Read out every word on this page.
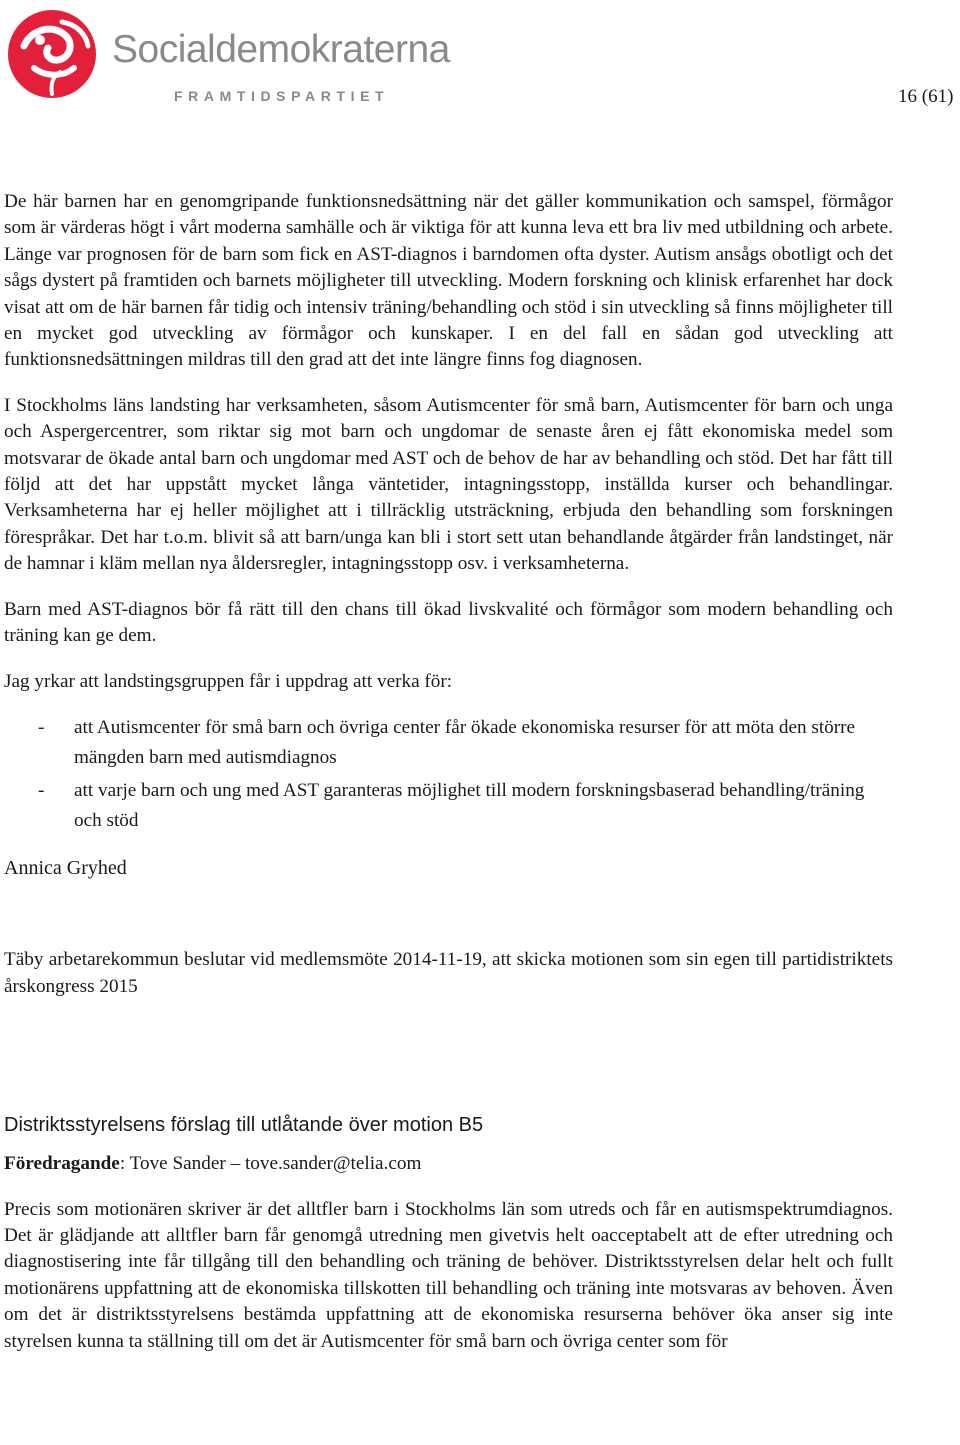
Socialdemokraterna
FRAMTIDSPARTIET	16 (61)

De här barnen har en genomgripande funktionsnedsättning när det gäller kommunikation och samspel, förmågor som är värderas högt i vårt moderna samhälle och är viktiga för att kunna leva ett bra liv med utbildning och arbete. Länge var prognosen för de barn som fick en AST-diagnos i barndomen ofta dyster. Autism ansågs obotligt och det sågs dystert på framtiden och barnets möjligheter till utveckling. Modern forskning och klinisk erfarenhet har dock visat att om de här barnen får tidig och intensiv träning/behandling och stöd i sin utveckling så finns möjligheter till en mycket god utveckling av förmågor och kunskaper. I en del fall en sådan god utveckling att funktionsnedsättningen mildras till den grad att det inte längre finns fog diagnosen.

I Stockholms läns landsting har verksamheten, såsom Autismcenter för små barn, Autismcenter för barn och unga och Aspergercentrer, som riktar sig mot barn och ungdomar de senaste åren ej fått ekonomiska medel som motsvarar de ökade antal barn och ungdomar med AST och de behov de har av behandling och stöd. Det har fått till följd att det har uppstått mycket långa väntetider, intagningsstopp, inställda kurser och behandlingar. Verksamheterna har ej heller möjlighet att i tillräcklig utsträckning, erbjuda den behandling som forskningen förespråkar. Det har t.o.m. blivit så att barn/unga kan bli i stort sett utan behandlande åtgärder från landstinget, när de hamnar i kläm mellan nya åldersregler, intagningsstopp osv. i verksamheterna.

Barn med AST-diagnos bör få rätt till den chans till ökad livskvalité och förmågor som modern behandling och träning kan ge dem.

Jag yrkar att landstingsgruppen får i uppdrag att verka för:

- att Autismcenter för små barn och övriga center får ökade ekonomiska resurser för att möta den större mängden barn med autismdiagnos
- att varje barn och ung med AST garanteras möjlighet till modern forskningsbaserad behandling/träning och stöd

Annica Gryhed

Täby arbetarekommun beslutar vid medlemsmöte 2014-11-19, att skicka motionen som sin egen till partidistriktets årskongress 2015

Distriktsstyrelsens förslag till utlåtande över motion B5

Föredragande: Tove Sander – tove.sander@telia.com

Precis som motionären skriver är det alltfler barn i Stockholms län som utreds och får en autismspektrumdiagnos. Det är glädjande att alltfler barn får genomgå utredning men givetvis helt oacceptabelt att de efter utredning och diagnostisering inte får tillgång till den behandling och träning de behöver. Distriktsstyrelsen delar helt och fullt motionärens uppfattning att de ekonomiska tillskotten till behandling och träning inte motsvaras av behoven. Även om det är distriktsstyrelsens bestämda uppfattning att de ekonomiska resurserna behöver öka anser sig inte styrelsen kunna ta ställning till om det är Autismcenter för små barn och övriga center som för
